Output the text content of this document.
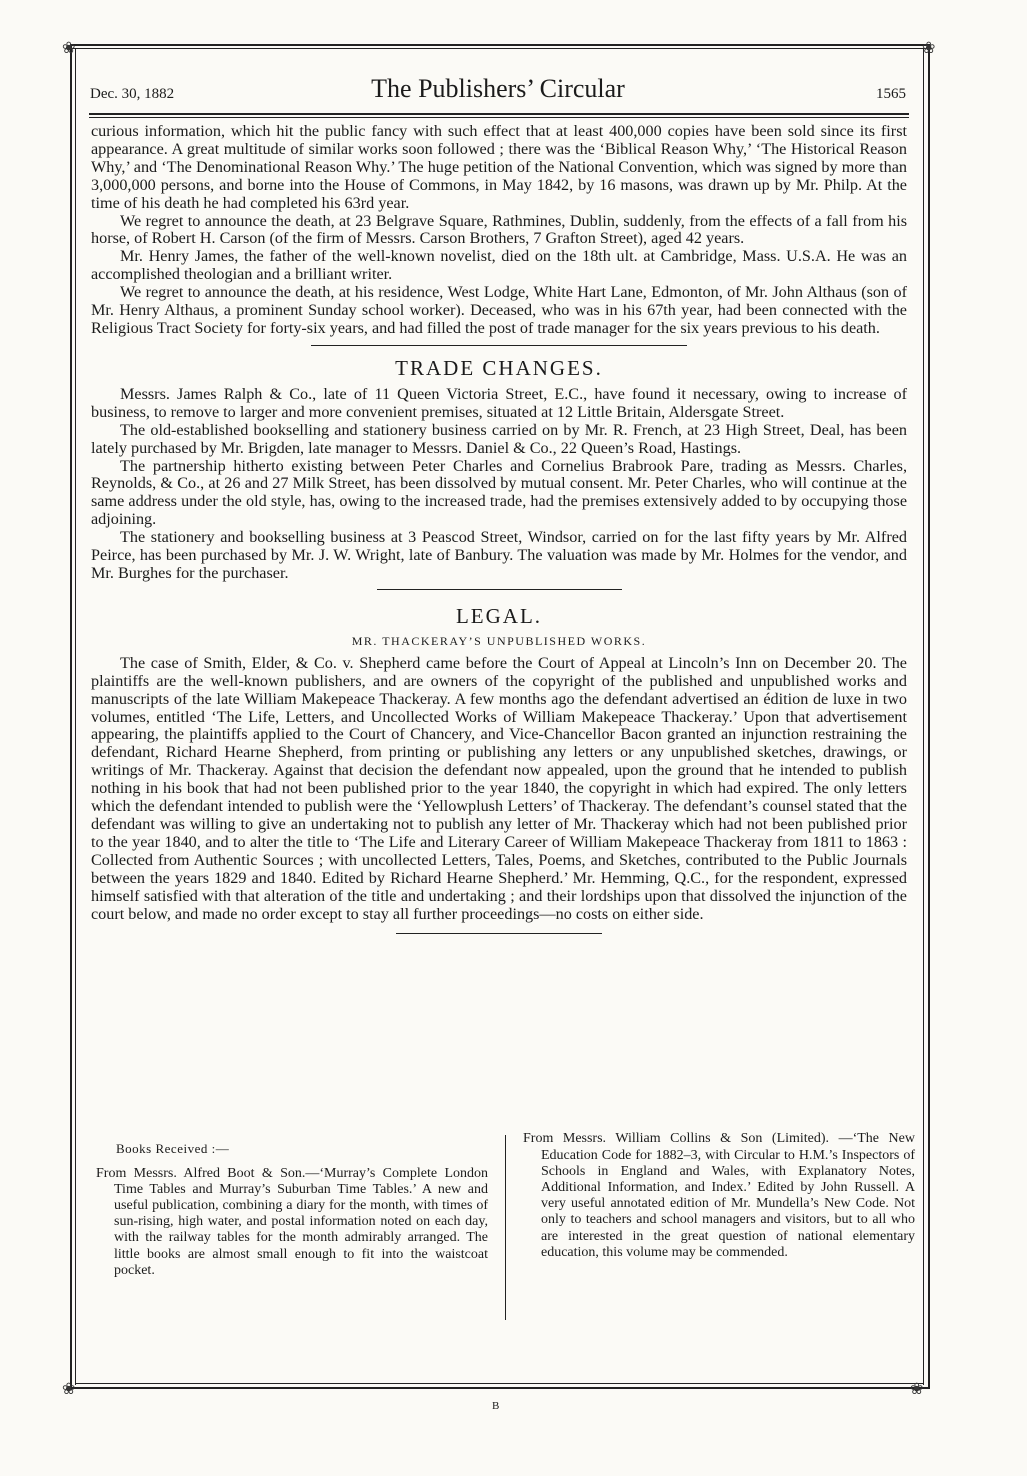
❀	❀
❀	❀
Dec. 30, 1882	The Publishers’ Circular	1565

curious information, which hit the public fancy with such effect that at least 400,000 copies have been sold since its first appearance. A great multitude of similar works soon followed ; there was the ‘Biblical Reason Why,’ ‘The Historical Reason Why,’ and ‘The Denominational Reason Why.’ The huge petition of the National Convention, which was signed by more than 3,000,000 persons, and borne into the House of Commons, in May 1842, by 16 masons, was drawn up by Mr. Philp. At the time of his death he had completed his 63rd year.

We regret to announce the death, at 23 Belgrave Square, Rathmines, Dublin, suddenly, from the effects of a fall from his horse, of Robert H. Carson (of the firm of Messrs. Carson Brothers, 7 Grafton Street), aged 42 years.

Mr. Henry James, the father of the well-known novelist, died on the 18th ult. at Cambridge, Mass. U.S.A. He was an accomplished theologian and a brilliant writer.

We regret to announce the death, at his residence, West Lodge, White Hart Lane, Edmonton, of Mr. John Althaus (son of Mr. Henry Althaus, a prominent Sunday school worker). Deceased, who was in his 67th year, had been connected with the Religious Tract Society for forty-six years, and had filled the post of trade manager for the six years previous to his death.

TRADE CHANGES.

Messrs. James Ralph & Co., late of 11 Queen Victoria Street, E.C., have found it necessary, owing to increase of business, to remove to larger and more convenient premises, situated at 12 Little Britain, Aldersgate Street.

The old-established bookselling and stationery business carried on by Mr. R. French, at 23 High Street, Deal, has been lately purchased by Mr. Brigden, late manager to Messrs. Daniel & Co., 22 Queen’s Road, Hastings.

The partnership hitherto existing between Peter Charles and Cornelius Brabrook Pare, trading as Messrs. Charles, Reynolds, & Co., at 26 and 27 Milk Street, has been dissolved by mutual consent. Mr. Peter Charles, who will continue at the same address under the old style, has, owing to the increased trade, had the premises extensively added to by occupying those adjoining.

The stationery and bookselling business at 3 Peascod Street, Windsor, carried on for the last fifty years by Mr. Alfred Peirce, has been purchased by Mr. J. W. Wright, late of Banbury. The valuation was made by Mr. Holmes for the vendor, and Mr. Burghes for the purchaser.

LEGAL.
MR. THACKERAY’S UNPUBLISHED WORKS.

The case of Smith, Elder, & Co. v. Shepherd came before the Court of Appeal at Lincoln’s Inn on December 20. The plaintiffs are the well-known publishers, and are owners of the copyright of the published and unpublished works and manuscripts of the late William Makepeace Thackeray. A few months ago the defendant advertised an édition de luxe in two volumes, entitled ‘The Life, Letters, and Uncollected Works of William Makepeace Thackeray.’ Upon that advertisement appearing, the plaintiffs applied to the Court of Chancery, and Vice-Chancellor Bacon granted an injunction restraining the defendant, Richard Hearne Shepherd, from printing or publishing any letters or any unpublished sketches, drawings, or writings of Mr. Thackeray. Against that decision the defendant now appealed, upon the ground that he intended to publish nothing in his book that had not been published prior to the year 1840, the copyright in which had expired. The only letters which the defendant intended to publish were the ‘Yellowplush Letters’ of Thackeray. The defendant’s counsel stated that the defendant was willing to give an undertaking not to publish any letter of Mr. Thackeray which had not been published prior to the year 1840, and to alter the title to ‘The Life and Literary Career of William Makepeace Thackeray from 1811 to 1863 : Collected from Authentic Sources ; with uncollected Letters, Tales, Poems, and Sketches, contributed to the Public Journals between the years 1829 and 1840. Edited by Richard Hearne Shepherd.’ Mr. Hemming, Q.C., for the respondent, expressed himself satisfied with that alteration of the title and undertaking ; and their lordships upon that dissolved the injunction of the court below, and made no order except to stay all further proceedings—no costs on either side.

Books Received :—

From Messrs. Alfred Boot & Son.—‘Murray’s Complete London Time Tables and Murray’s Suburban Time Tables.’ A new and useful publication, combining a diary for the month, with times of sun-rising, high water, and postal information noted on each day, with the railway tables for the month admirably arranged. The little books are almost small enough to fit into the waistcoat pocket.

From Messrs. William Collins & Son (Limited). —‘The New Education Code for 1882–3, with Circular to H.M.’s Inspectors of Schools in England and Wales, with Explanatory Notes, Additional Information, and Index.’ Edited by John Russell. A very useful annotated edition of Mr. Mundella’s New Code. Not only to teachers and school managers and visitors, but to all who are interested in the great question of national elementary education, this volume may be commended.

B
